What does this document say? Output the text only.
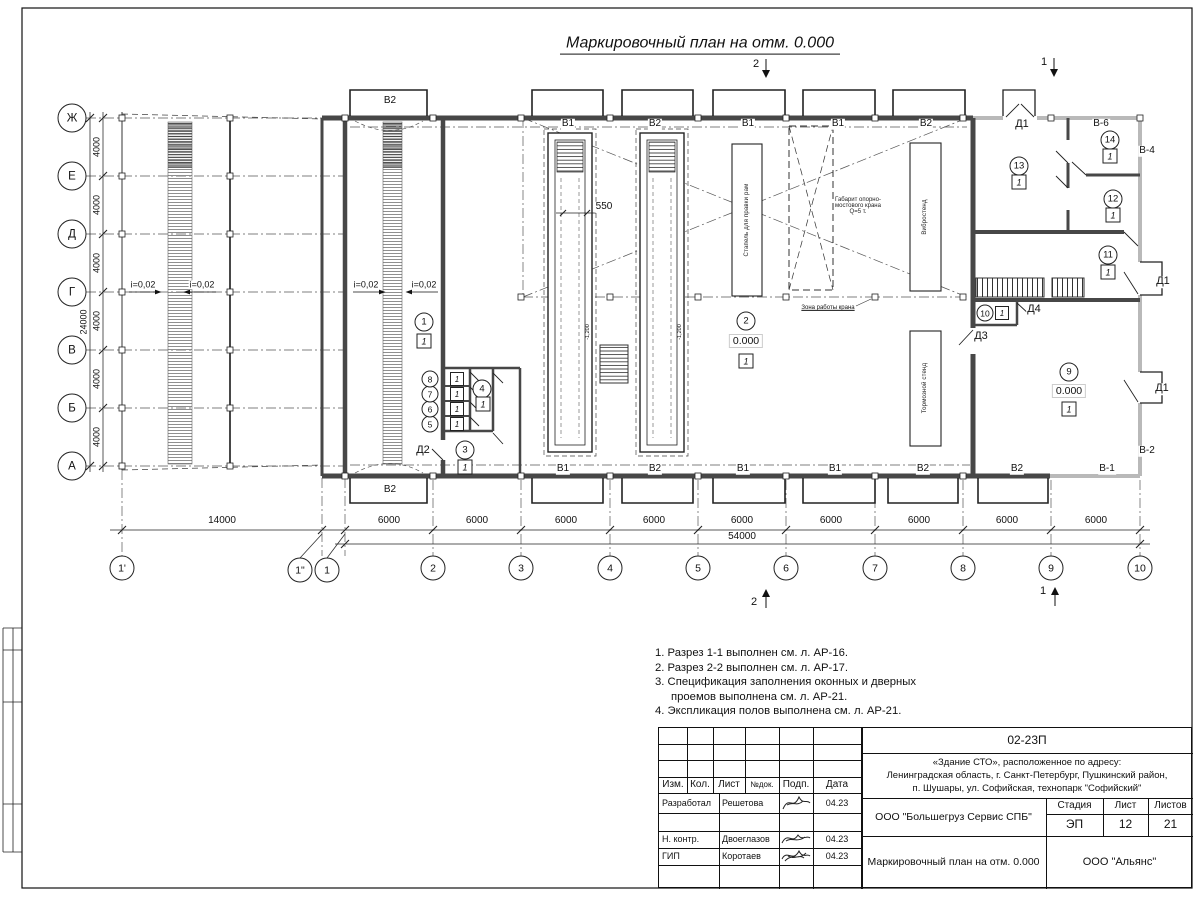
Маркировочный план на отм. 0.000
2	1
2
1
Ж
Е
Д
Г
В
Б
А
1'	1"	1	2	3	4	5	6	7	8	9	10
4000
4000
4000
4000
4000
4000
24000
14000	6000	6000	6000	6000	6000	6000	6000	6000	6000
54000
i=0,02	i=0,02	i=0,02	i=0,02
В2
В1	В2	В1	В1	В2	Д1	В-6
В2
В1	В2	В1	В1	В2	В2	В-1
В-4
Д1
Д1
В-2
Д2
Д3
Д4
1
1
2
0.000
1
3
1
4
1
5	1
6	1
7	1
8	1
9
0.000
1
10	1
11
1
12
1
13
1
14
1
550
-1,200	-1,200
Стапель для правки рам	Вибростенд
Тормозной стенд
Габарит опорно-мостового крана Q=5 т.
Зона работы крана
1. Разрез 1-1 выполнен см. л. АР-16.
2. Разрез 2-2 выполнен см. л. АР-17.
3. Спецификация заполнения оконных и дверных проемов выполнена см. л. АР-21.
4. Экспликация полов выполнена см. л. АР-21.
Изм. Кол. Лист	№док. Подп.	Дата
Разработал	Решетова	04.23
Н. контр.	Двоеглазов	04.23
ГИП	Коротаев	04.23
02-23П
«Здание СТО», расположенное по адресу:
Ленинградская область, г. Санкт-Петербург, Пушкинский район,
п. Шушары, ул. Софийская, технопарк "Софийский"
ООО "Большегруз Сервис СПБ"
Маркировочный план на отм. 0.000
Стадия	Лист	Листов
ЭП	12	21
ООО "Альянс"
